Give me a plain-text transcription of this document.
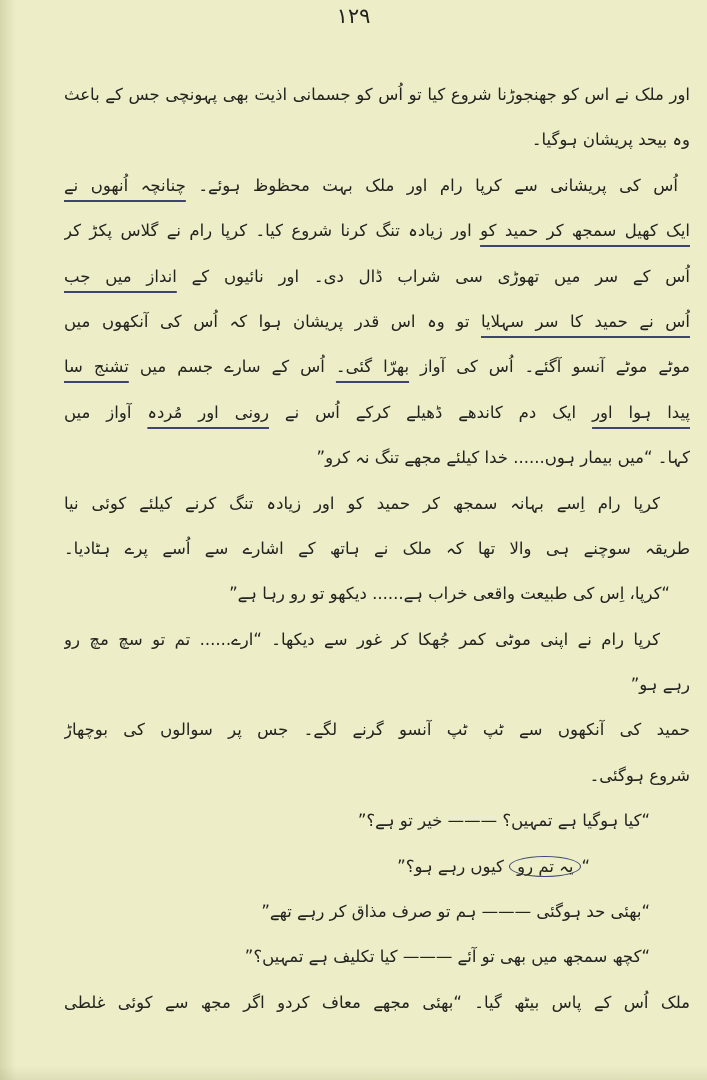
۱۲۹
اور ملک نے اس کو جھنجوڑنا شروع کیا تو اُس کو جسمانی اذیت بھی پہونچی جس کے باعث
وہ بیحد پریشان ہوگیا۔
اُس کی پریشانی سے کرپا رام اور ملک بہت محظوظ ہوئے۔ چنانچہ اُنھوں نے
ایک کھیل سمجھ کر حمید کو اور زیادہ تنگ کرنا شروع کیا۔ کرپا رام نے گلاس پکڑ کر
اُس کے سر میں تھوڑی سی شراب ڈال دی۔ اور نائیوں کے انداز میں جب
اُس نے حمید کا سر سہلایا تو وہ اس قدر پریشان ہوا کہ اُس کی آنکھوں میں
موٹے موٹے آنسو آگئے۔ اُس کی آواز بھرّا گئی۔ اُس کے سارے جسم میں تشنج سا
پیدا ہوا اور ایک دم کاندھے ڈھیلے کرکے اُس نے رونی اور مُردہ آواز میں
کہا۔ “میں بیمار ہوں...... خدا کیلئے مجھے تنگ نہ کرو”
کرپا رام اِسے بہانہ سمجھ کر حمید کو اور زیادہ تنگ کرنے کیلئے کوئی نیا
طریقہ سوچنے ہی والا تھا کہ ملک نے ہاتھ کے اشارے سے اُسے پرے ہٹادیا۔
“کرپا، اِس کی طبیعت واقعی خراب ہے...... دیکھو تو رو رہا ہے”
کرپا رام نے اپنی موٹی کمر جُھکا کر غور سے دیکھا۔ “ارے...... تم تو سچ مچ رو
رہے ہو”
حمید کی آنکھوں سے ٹپ ٹپ آنسو گرنے لگے۔ جس پر سوالوں کی بوچھاڑ
شروع ہوگئی۔
“کیا ہوگیا ہے تمہیں؟ ——— خیر تو ہے؟”
“یہ تم رو کیوں رہے ہو؟”
“بھئی حد ہوگئی ——— ہم تو صرف مذاق کر رہے تھے”
“کچھ سمجھ میں بھی تو آئے ——— کیا تکلیف ہے تمہیں؟”
ملک اُس کے پاس بیٹھ گیا۔ “بھئی مجھے معاف کردو اگر مجھ سے کوئی غلطی
